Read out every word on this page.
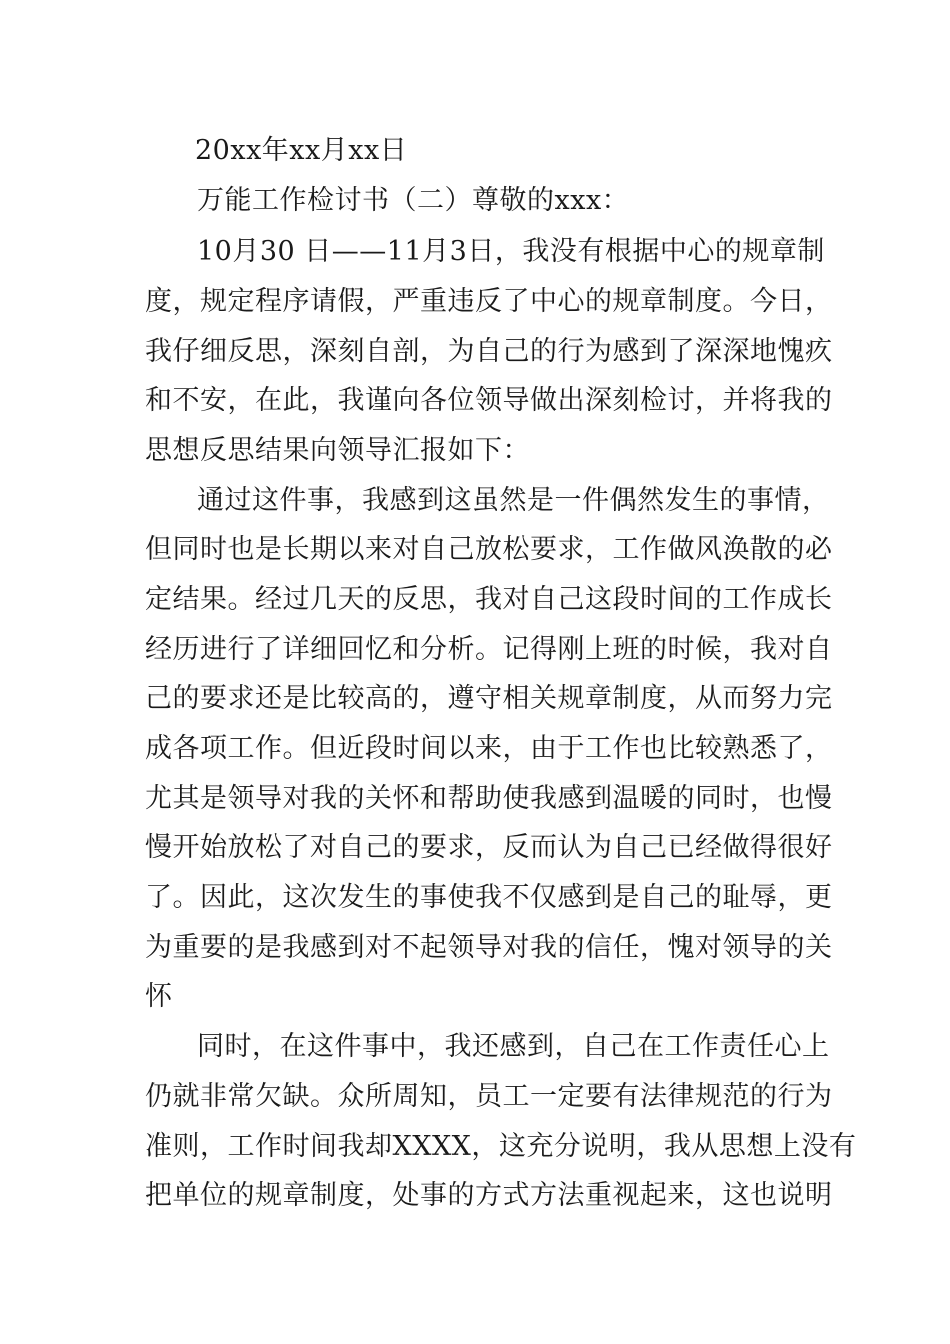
20xx年xx月xx日
万能工作检讨书（二）尊敬的xxx：
10月30 日——11月3日，我没有根据中心的规章制
度，规定程序请假，严重违反了中心的规章制度。今日，
我仔细反思，深刻自剖，为自己的行为感到了深深地愧疚
和不安，在此，我谨向各位领导做出深刻检讨，并将我的
思想反思结果向领导汇报如下：
通过这件事，我感到这虽然是一件偶然发生的事情，
但同时也是长期以来对自己放松要求，工作做风涣散的必
定结果。经过几天的反思，我对自己这段时间的工作成长
经历进行了详细回忆和分析。记得刚上班的时候，我对自
己的要求还是比较高的，遵守相关规章制度，从而努力完
成各项工作。但近段时间以来，由于工作也比较熟悉了，
尤其是领导对我的关怀和帮助使我感到温暖的同时，也慢
慢开始放松了对自己的要求，反而认为自己已经做得很好
了。因此，这次发生的事使我不仅感到是自己的耻辱，更
为重要的是我感到对不起领导对我的信任，愧对领导的关
怀
同时，在这件事中，我还感到，自己在工作责任心上
仍就非常欠缺。众所周知，员工一定要有法律规范的行为
准则，工作时间我却XXXX，这充分说明，我从思想上没有
把单位的规章制度，处事的方式方法重视起来，这也说明
